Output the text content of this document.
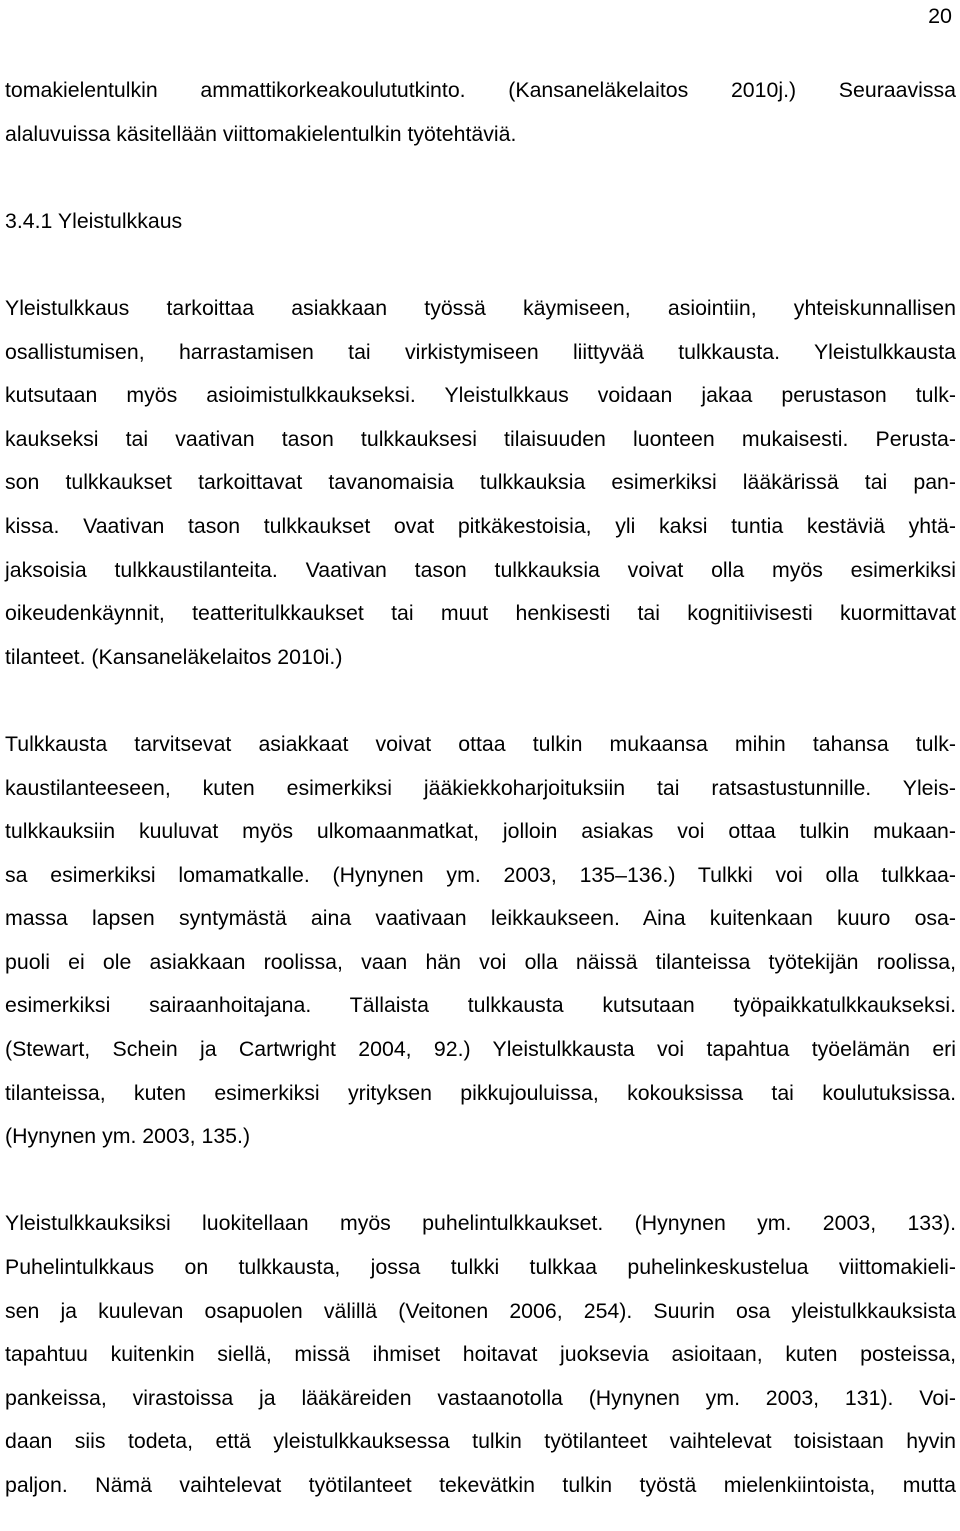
20
tomakielentulkin ammattikorkeakoulututkinto. (Kansaneläkelaitos 2010j.) Seuraavissa
alaluvuissa käsitellään viittomakielentulkin työtehtäviä.
3.4.1 Yleistulkkaus
Yleistulkkaus tarkoittaa asiakkaan työssä käymiseen, asiointiin, yhteiskunnallisen
osallistumisen, harrastamisen tai virkistymiseen liittyvää tulkkausta. Yleistulkkausta
kutsutaan myös asioimistulkkaukseksi. Yleistulkkaus voidaan jakaa perustason tulk-
kaukseksi tai vaativan tason tulkkauksesi tilaisuuden luonteen mukaisesti. Perusta-
son tulkkaukset tarkoittavat tavanomaisia tulkkauksia esimerkiksi lääkärissä tai pan-
kissa. Vaativan tason tulkkaukset ovat pitkäkestoisia, yli kaksi tuntia kestäviä yhtä-
jaksoisia tulkkaustilanteita. Vaativan tason tulkkauksia voivat olla myös esimerkiksi
oikeudenkäynnit, teatteritulkkaukset tai muut henkisesti tai kognitiivisesti kuormittavat
tilanteet. (Kansaneläkelaitos 2010i.)
Tulkkausta tarvitsevat asiakkaat voivat ottaa tulkin mukaansa mihin tahansa tulk-
kaustilanteeseen, kuten esimerkiksi jääkiekkoharjoituksiin tai ratsastustunnille. Yleis-
tulkkauksiin kuuluvat myös ulkomaanmatkat, jolloin asiakas voi ottaa tulkin mukaan-
sa esimerkiksi lomamatkalle. (Hynynen ym. 2003, 135–136.) Tulkki voi olla tulkkaa-
massa lapsen syntymästä aina vaativaan leikkaukseen. Aina kuitenkaan kuuro osa-
puoli ei ole asiakkaan roolissa, vaan hän voi olla näissä tilanteissa työtekijän roolissa,
esimerkiksi sairaanhoitajana. Tällaista tulkkausta kutsutaan työpaikkatulkkaukseksi.
(Stewart, Schein ja Cartwright 2004, 92.) Yleistulkkausta voi tapahtua työelämän eri
tilanteissa, kuten esimerkiksi yrityksen pikkujouluissa, kokouksissa tai koulutuksissa.
(Hynynen ym. 2003, 135.)
Yleistulkkauksiksi luokitellaan myös puhelintulkkaukset. (Hynynen ym. 2003, 133).
Puhelintulkkaus on tulkkausta, jossa tulkki tulkkaa puhelinkeskustelua viittomakieli-
sen ja kuulevan osapuolen välillä (Veitonen 2006, 254). Suurin osa yleistulkkauksista
tapahtuu kuitenkin siellä, missä ihmiset hoitavat juoksevia asioitaan, kuten posteissa,
pankeissa, virastoissa ja lääkäreiden vastaanotolla (Hynynen ym. 2003, 131). Voi-
daan siis todeta, että yleistulkkauksessa tulkin työtilanteet vaihtelevat toisistaan hyvin
paljon. Nämä vaihtelevat työtilanteet tekevätkin tulkin työstä mielenkiintoista, mutta
